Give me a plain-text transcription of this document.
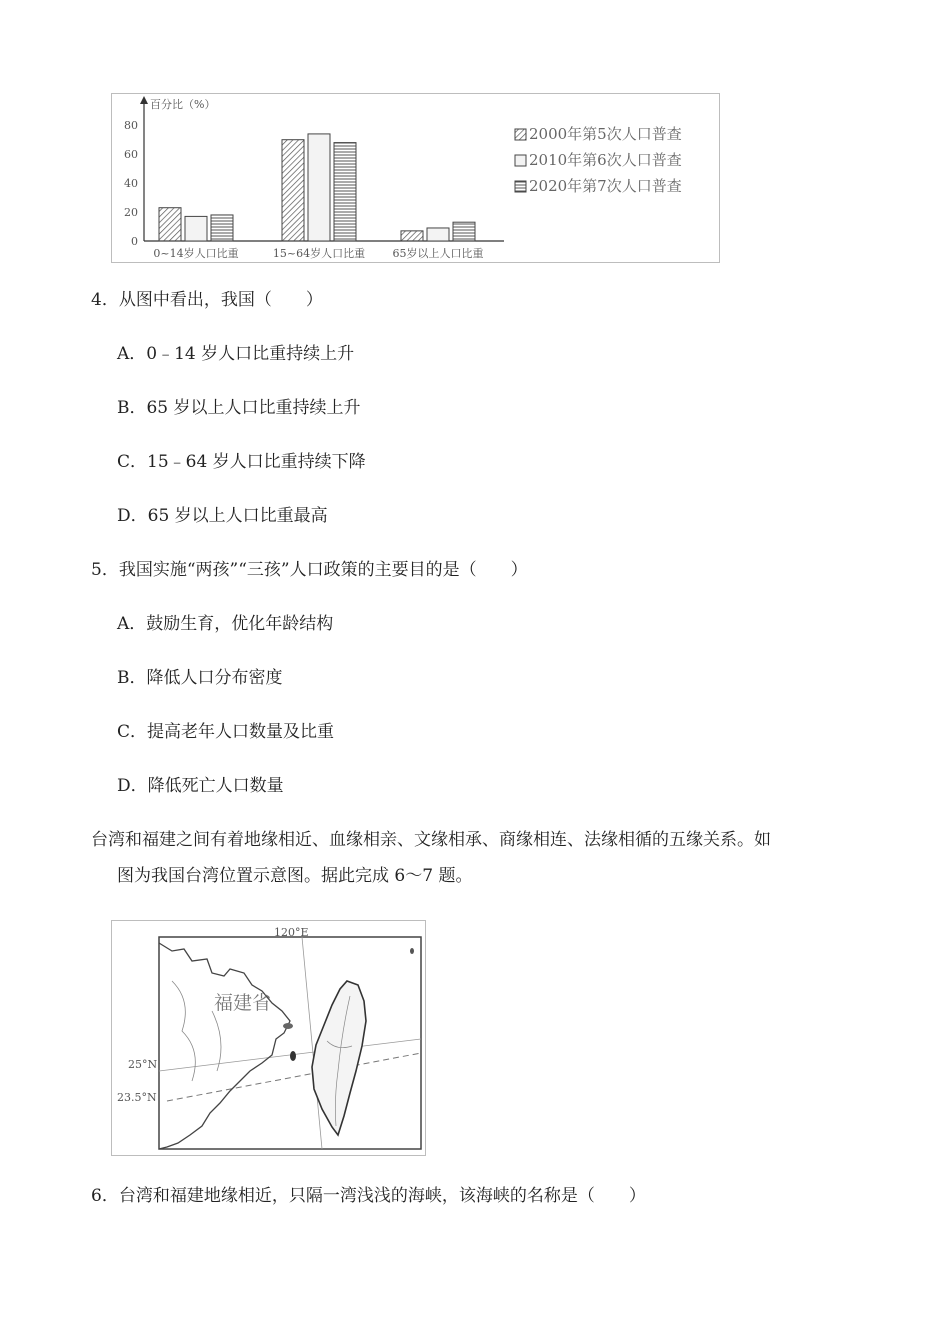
百分比（%）
80
60
40
20
0
0~14岁人口比重	15~64岁人口比重 65岁以上人口比重
2000年第5次人口普查
2010年第6次人口普查
2020年第7次人口普查
4．从图中看出，我国（　　）
A．0﹣14 岁人口比重持续上升
B．65 岁以上人口比重持续上升
C．15﹣64 岁人口比重持续下降
D．65 岁以上人口比重最高
5．我国实施“两孩”“三孩”人口政策的主要目的是（　　）
A．鼓励生育，优化年龄结构
B．降低人口分布密度
C．提高老年人口数量及比重
D．降低死亡人口数量
台湾和福建之间有着地缘相近、血缘相亲、文缘相承、商缘相连、法缘相循的五缘关系。如
图为我国台湾位置示意图。据此完成 6～7 题。
福建省
120°E
25°N
23.5°N
6．台湾和福建地缘相近，只隔一湾浅浅的海峡，该海峡的名称是（　　）
